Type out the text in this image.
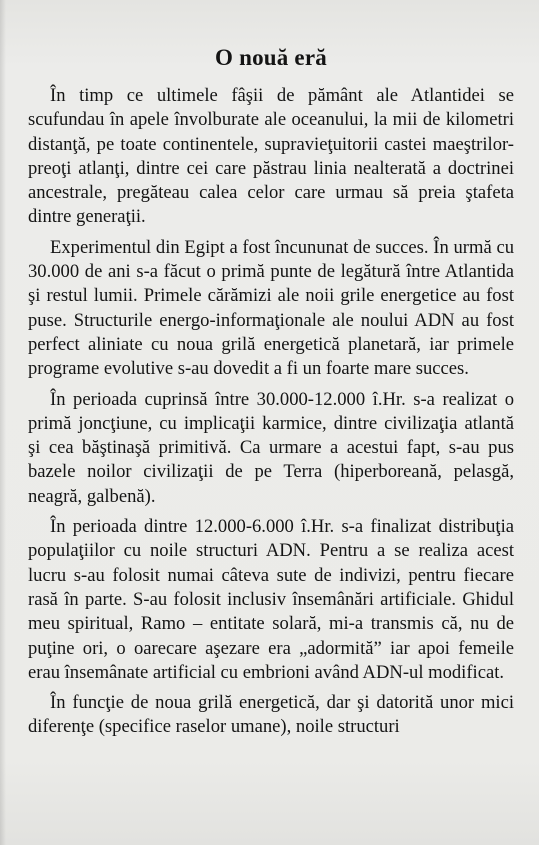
O nouă eră

În timp ce ultimele fâşii de pământ ale Atlantidei se scufundau în apele învolburate ale oceanului, la mii de kilometri distanţă, pe toate continentele, supravieţuitorii castei maeştrilor-preoţi atlanţi, dintre cei care păstrau linia nealterată a doctrinei ancestrale, pregăteau calea celor care urmau să preia ştafeta dintre generaţii.

Experimentul din Egipt a fost încununat de succes. În urmă cu 30.000 de ani s-a făcut o primă punte de legătură între Atlantida şi restul lumii. Primele cărămizi ale noii grile energetice au fost puse. Structurile energo-informaţionale ale noului ADN au fost perfect aliniate cu noua grilă energetică planetară, iar primele programe evolutive s-au dovedit a fi un foarte mare succes.

În perioada cuprinsă între 30.000-12.000 î.Hr. s-a realizat o primă joncţiune, cu implicaţii karmice, dintre civilizaţia atlantă şi cea băştinaşă primitivă. Ca urmare a acestui fapt, s-au pus bazele noilor civilizaţii de pe Terra (hiperboreană, pelasgă, neagră, galbenă).

În perioada dintre 12.000-6.000 î.Hr. s-a finalizat distribuţia populaţiilor cu noile structuri ADN. Pentru a se realiza acest lucru s-au folosit numai câteva sute de indivizi, pentru fiecare rasă în parte. S-au folosit inclusiv însemânări artificiale. Ghidul meu spiritual, Ramo – entitate solară, mi-a transmis că, nu de puţine ori, o oarecare aşezare era „adormită” iar apoi femeile erau însemânate artificial cu embrioni având ADN-ul modificat.

În funcţie de noua grilă energetică, dar şi datorită unor mici diferenţe (specifice raselor umane), noile structuri
